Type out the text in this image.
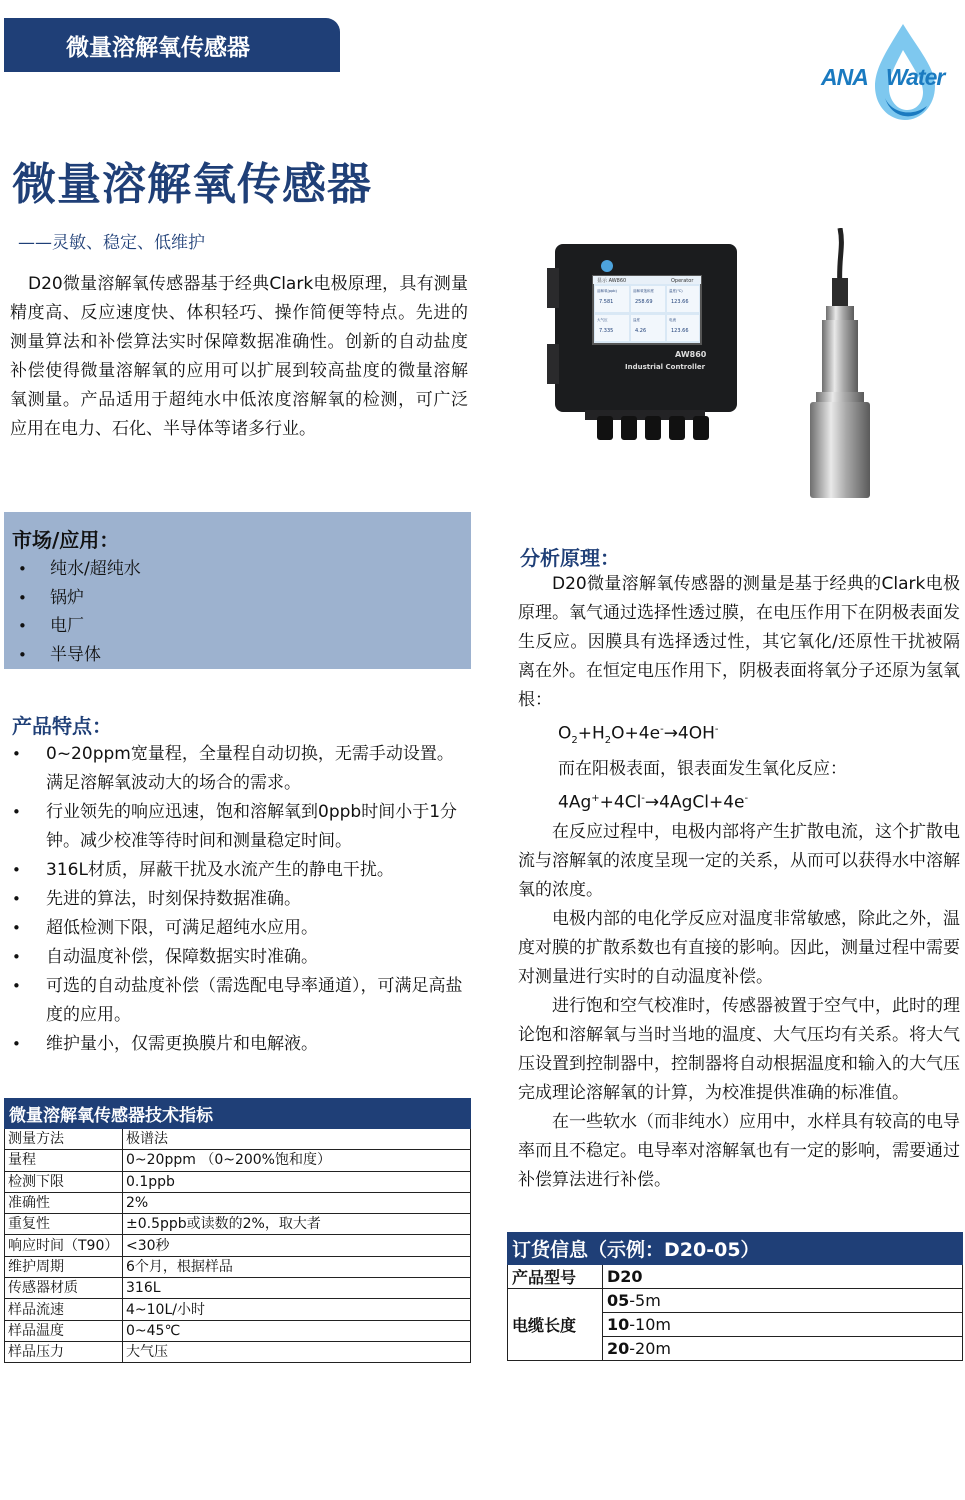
微量溶解氧传感器
ANA Water
微量溶解氧传感器
——灵敏、稳定、低维护

D20微量溶解氧传感器基于经典Clark电极原理，具有测量精度高、反应速度快、体积轻巧、操作简便等特点。先进的测量算法和补偿算法实时保障数据准确性。创新的自动盐度补偿使得微量溶解氧的应用可以扩展到较高盐度的微量溶解氧测量。产品适用于超纯水中低浓度溶解氧的检测，可广泛应用在电力、石化、半导体等诸多行业。

显示 AW860	Operator
溶解氧(ppb)
7.581
溶解氧饱和度
258.69
温度(℃)
123.66
大气压
7.335
盐度
4.26
电流
123.66
AW860
Industrial Controller
市场/应用：
• 纯水/超纯水
• 锅炉
• 电厂
• 半导体
产品特点：
• 0~20ppm宽量程，全量程自动切换，无需手动设置。满足溶解氧波动大的场合的需求。
• 行业领先的响应迅速，饱和溶解氧到0ppb时间小于1分钟。减少校准等待时间和测量稳定时间。
• 316L材质，屏蔽干扰及水流产生的静电干扰。
• 先进的算法，时刻保持数据准确。
• 超低检测下限，可满足超纯水应用。
• 自动温度补偿，保障数据实时准确。
• 可选的自动盐度补偿（需选配电导率通道），可满足高盐度的应用。
• 维护量小，仅需更换膜片和电解液。
微量溶解氧传感器技术指标	
测量方法	极谱法
量程	0~20ppm （0~200%饱和度）
检测下限	0.1ppb
准确性	2%
重复性	±0.5ppb或读数的2%，取大者
响应时间（T90）	<30秒
维护周期	6个月，根据样品
传感器材质	316L
样品流速	4~10L/小时
样品温度	0~45℃
样品压力	大气压
分析原理：

D20微量溶解氧传感器的测量是基于经典的Clark电极原理。氧气通过选择性透过膜，在电压作用下在阴极表面发生反应。因膜具有选择透过性，其它氧化/还原性干扰被隔离在外。在恒定电压作用下，阴极表面将氧分子还原为氢氧根：

$O_2+H_2O+4e^-\to 4OH^-$

而在阳极表面，银表面发生氧化反应：

4Ag++4Cl-→4AgCl+4e-

在反应过程中，电极内部将产生扩散电流，这个扩散电流与溶解氧的浓度呈现一定的关系，从而可以获得水中溶解氧的浓度。

电极内部的电化学反应对温度非常敏感，除此之外，温度对膜的扩散系数也有直接的影响。因此，测量过程中需要对测量进行实时的自动温度补偿。

进行饱和空气校准时，传感器被置于空气中，此时的理论饱和溶解氧与当时当地的温度、大气压均有关系。将大气压设置到控制器中，控制器将自动根据温度和输入的大气压完成理论溶解氧的计算，为校准提供准确的标准值。

在一些软水（而非纯水）应用中，水样具有较高的电导率而且不稳定。电导率对溶解氧也有一定的影响，需要通过补偿算法进行补偿。

订货信息（示例：D20-05）	
产品型号	D20
电缆长度	05-5m
	10-10m
	20-20m
